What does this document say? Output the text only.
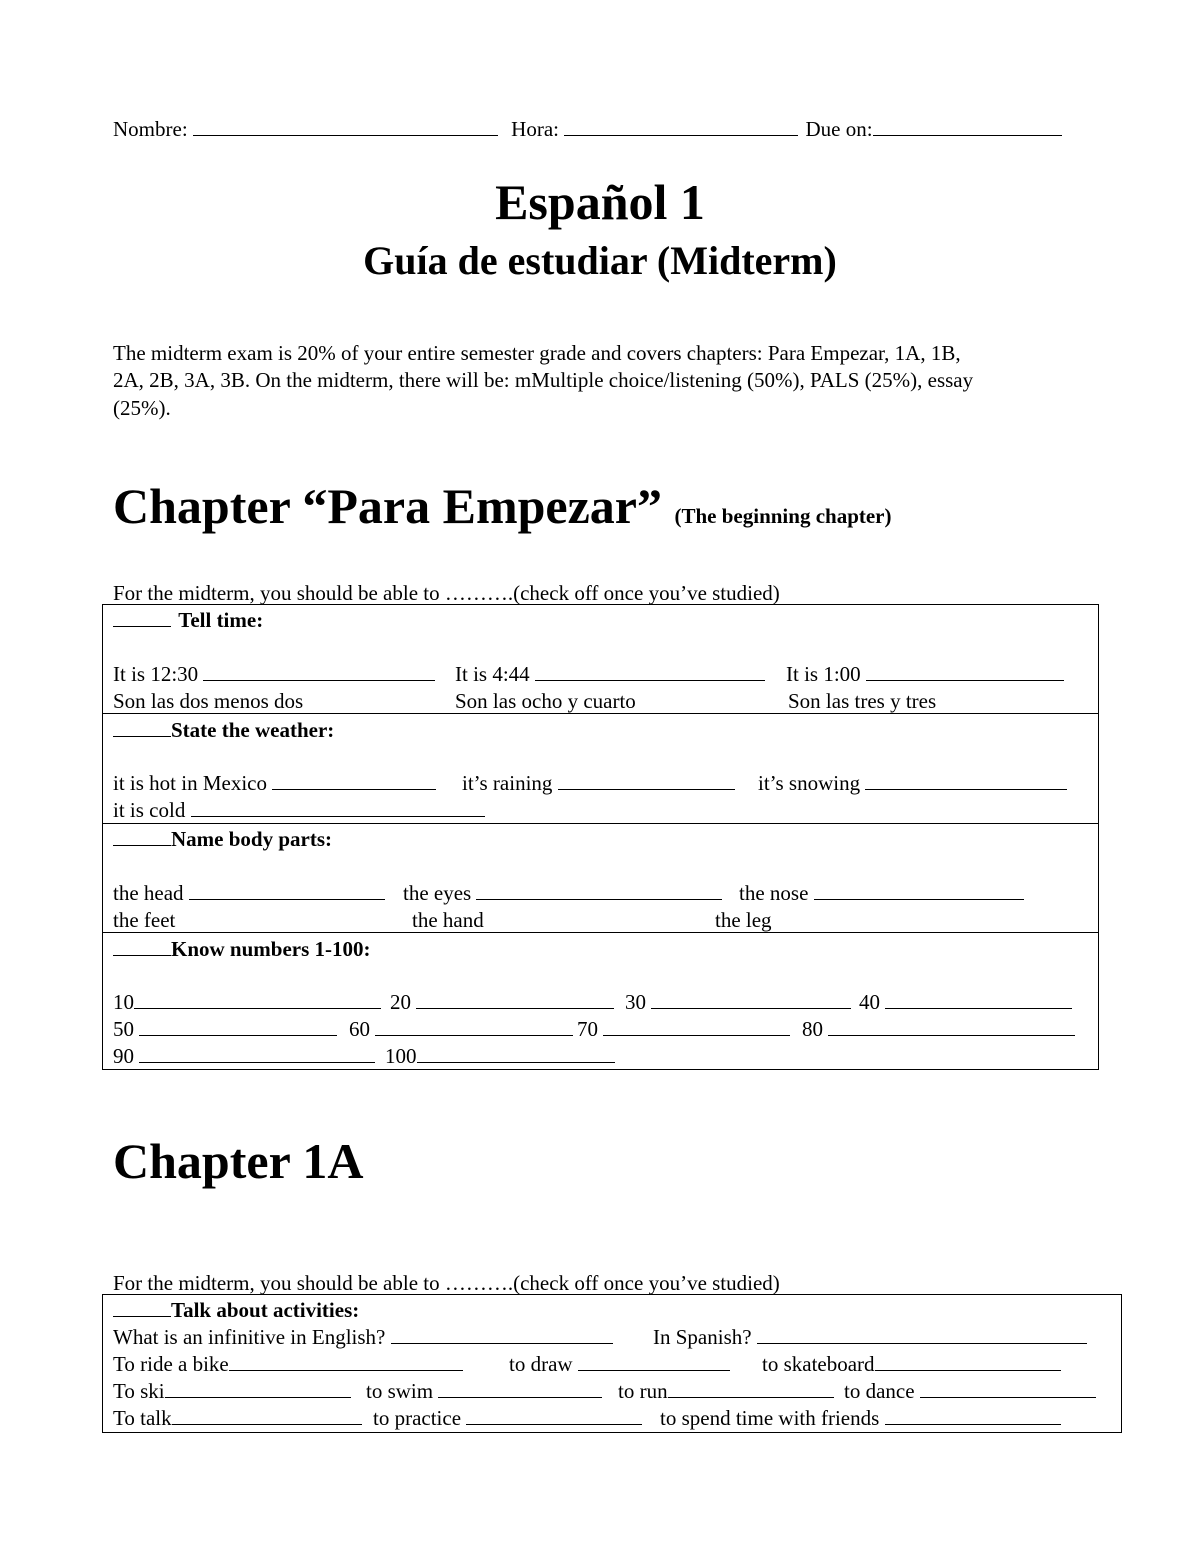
Nombre:	Hora:	Due on:
Español 1
Guía de estudiar (Midterm)
The midterm exam is 20% of your entire semester grade and covers chapters: Para Empezar, 1A, 1B,
2A, 2B, 3A, 3B. On the midterm, there will be: mMultiple choice/listening (50%), PALS (25%), essay
(25%).
Chapter “Para Empezar” (The beginning chapter)
For the midterm, you should be able to ……….(check off once you’ve studied)
Tell time:
It is 12:30	It is 4:44	It is 1:00
Son las dos menos dos	Son las ocho y cuarto	Son las tres y tres
State the weather:
it is hot in Mexico	it’s raining	it’s snowing
it is cold
Name body parts:
the head	the eyes	the nose
the feet	the hand	the leg
Know numbers 1-100:
10	20	30	40
50	60	70	80
90	100
Chapter 1A
For the midterm, you should be able to ……….(check off once you’ve studied)
Talk about activities:
What is an infinitive in English?	In Spanish?
To ride a bike	to draw	to skateboard
To ski	to swim	to run	to dance
To talk	to practice	to spend time with friends
